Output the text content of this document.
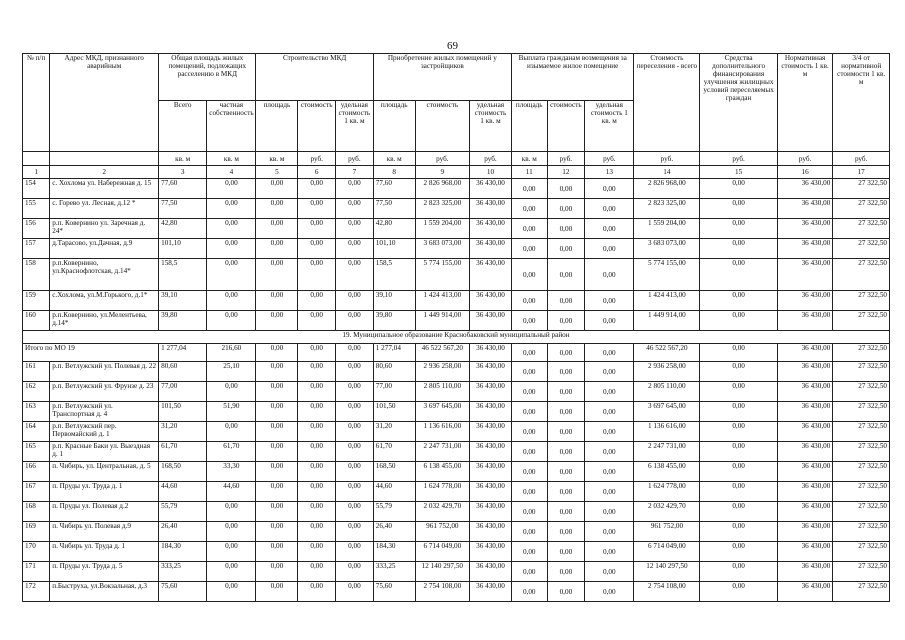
69
№ п/п	Адрес МКД, признанного аварийным	Общая площадь жилых помещений, подлежащих расселению в МКД		Строительство МКД			Приобретение жилых помещений у застройщиков			Выплата гражданам возмещения за изымаемое жилое помещение			Стоимость переселения - всего	Средства дополнительного финансирования улучшения жилищных условий переселяемых граждан	Нормативная стоимость 1 кв. м	3/4 от нормативной стоимости 1 кв. м
		Всего	частная собственность	площадь	стоимость	удельная стоимость 1 кв. м	площадь	стоимость	удельная стоимость 1 кв. м	площадь	стоимость	удельная стоимость 1 кв. м				
		кв. м	кв. м	кв. м	руб.	руб.	кв. м	руб.	руб.	кв. м	руб.	руб.	руб.	руб.	руб.	руб.
1	2	3	4	5	6	7	8	9	10	11	12	13	14	15	16	17
154	с. Хохлома ул. Набережная д. 15	77,60	0,00	0,00	0,00	0,00	77,60	2 826 968,00	36 430,00	0,00	0,00	0,00	2 826 968,00	0,00	36 430,00	27 322,50
155	с. Горево ул. Лесная, д.12 *	77,50	0,00	0,00	0,00	0,00	77,50	2 823 325,00	36 430,00	0,00	0,00	0,00	2 823 325,00	0,00	36 430,00	27 322,50
156	р.п. Ковернино ул. Заречная д. 24*	42,80	0,00	0,00	0,00	0,00	42,80	1 559 204,00	36 430,00	0,00	0,00	0,00	1 559 204,00	0,00	36 430,00	27 322,50
157	д.Тарасово, ул.Дачная, д.9	101,10	0,00	0,00	0,00	0,00	101,10	3 683 073,00	36 430,00	0,00	0,00	0,00	3 683 073,00	0,00	36 430,00	27 322,50
158	р.п.Ковернино, ул.Краснофлотская, д.14*	158,5	0,00	0,00	0,00	0,00	158,5	5 774 155,00	36 430,00	0,00	0,00	0,00	5 774 155,00	0,00	36 430,00	27 322,50
159	с.Хохлома, ул.М.Горького, д.1*	39,10	0,00	0,00	0,00	0,00	39,10	1 424 413,00	36 430,00	0,00	0,00	0,00	1 424 413,00	0,00	36 430,00	27 322,50
160	р.п.Ковернино, ул.Мелентьева, д.14*	39,80	0,00	0,00	0,00	0,00	39,80	1 449 914,00	36 430,00	0,00	0,00	0,00	1 449 914,00	0,00	36 430,00	27 322,50
19. Муниципальное образование Краснобаковский муниципальный район																
Итого по МО 19		1 277,04	216,60	0,00	0,00	0,00	1 277,04	46 522 567,20	36 430,00	0,00	0,00	0,00	46 522 567,20	0,00	36 430,00	27 322,50
161	р.п. Ветлужский ул. Полевая д. 22	80,60	25,10	0,00	0,00	0,00	80,60	2 936 258,00	36 430,00	0,00	0,00	0,00	2 936 258,00	0,00	36 430,00	27 322,50
162	р.п. Ветлужский ул. Фрунзе д. 23	77,00	0,00	0,00	0,00	0,00	77,00	2 805 110,00	36 430,00	0,00	0,00	0,00	2 805 110,00	0,00	36 430,00	27 322,50
163	р.п. Ветлужский ул. Транспортная д. 4	101,50	51,90	0,00	0,00	0,00	101,50	3 697 645,00	36 430,00	0,00	0,00	0,00	3 697 645,00	0,00	36 430,00	27 322,50
164	р.п. Ветлужский пер. Первомайский д. 1	31,20	0,00	0,00	0,00	0,00	31,20	1 136 616,00	36 430,00	0,00	0,00	0,00	1 136 616,00	0,00	36 430,00	27 322,50
165	р.п. Красные Баки ул. Выездная д. 1	61,70	61,70	0,00	0,00	0,00	61,70	2 247 731,00	36 430,00	0,00	0,00	0,00	2 247 731,00	0,00	36 430,00	27 322,50
166	п. Чибирь, ул. Центральная, д. 5	168,50	33,30	0,00	0,00	0,00	168,50	6 138 455,00	36 430,00	0,00	0,00	0,00	6 138 455,00	0,00	36 430,00	27 322,50
167	п. Пруды ул. Труда д. 1	44,60	44,60	0,00	0,00	0,00	44,60	1 624 778,00	36 430,00	0,00	0,00	0,00	1 624 778,00	0,00	36 430,00	27 322,50
168	п. Пруды ул. Полевая д.2	55,79	0,00	0,00	0,00	0,00	55,79	2 032 429,70	36 430,00	0,00	0,00	0,00	2 032 429,70	0,00	36 430,00	27 322,50
169	п. Чибирь ул. Полевая д.9	26,40	0,00	0,00	0,00	0,00	26,40	961 752,00	36 430,00	0,00	0,00	0,00	961 752,00	0,00	36 430,00	27 322,50
170	п. Чибирь ул. Труда д. 1	184,30	0,00	0,00	0,00	0,00	184,30	6 714 049,00	36 430,00	0,00	0,00	0,00	6 714 049,00	0,00	36 430,00	27 322,50
171	п. Пруды ул. Труда д. 5	333,25	0,00	0,00	0,00	0,00	333,25	12 140 297,50	36 430,00	0,00	0,00	0,00	12 140 297,50	0,00	36 430,00	27 322,50
172	п.Быструха, ул.Вокзальная, д.3	75,60	0,00	0,00	0,00	0,00	75,60	2 754 108,00	36 430,00	0,00	0,00	0,00	2 754 108,00	0,00	36 430,00	27 322,50
